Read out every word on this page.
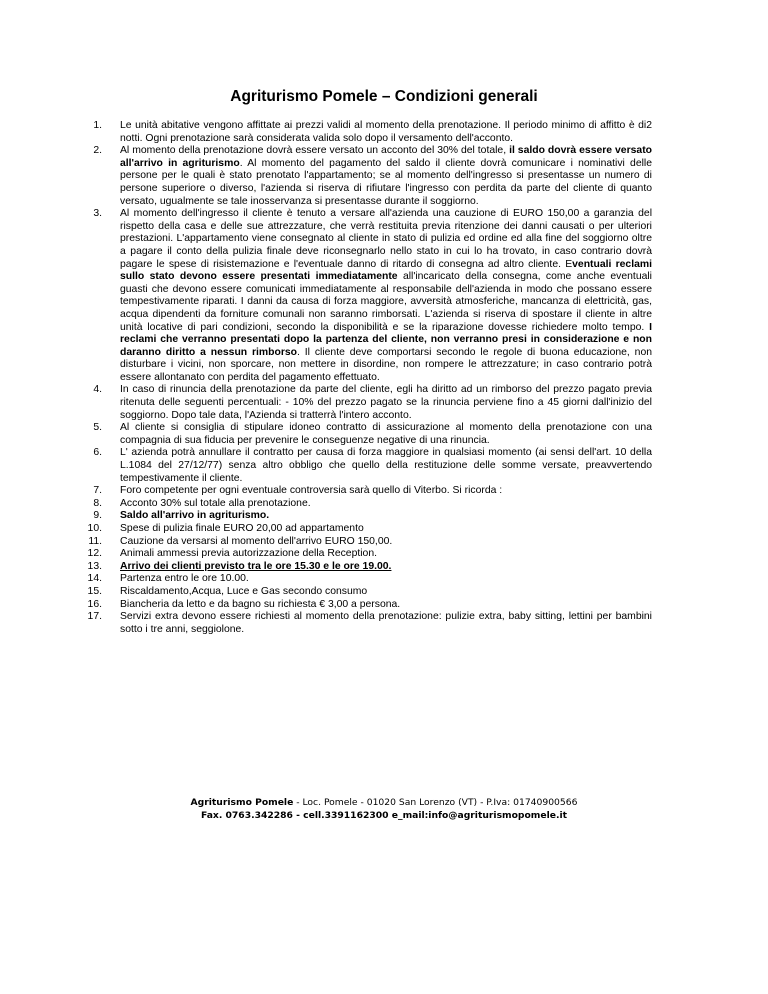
Agriturismo Pomele – Condizioni generali
1. Le unità abitative vengono affittate ai prezzi validi al momento della prenotazione. Il periodo minimo di affitto è di2 notti. Ogni prenotazione sarà considerata valida solo dopo il versamento dell'acconto.
2. Al momento della prenotazione dovrà essere versato un acconto del 30% del totale, il saldo dovrà essere versato all'arrivo in agriturismo. Al momento del pagamento del saldo il cliente dovrà comunicare i nominativi delle persone per le quali è stato prenotato l'appartamento; se al momento dell'ingresso si presentasse un numero di persone superiore o diverso, l'azienda si riserva di rifiutare l'ingresso con perdita da parte del cliente di quanto versato, ugualmente se tale inosservanza si presentasse durante il soggiorno.
3. Al momento dell'ingresso il cliente è tenuto a versare all'azienda una cauzione di EURO 150,00 a garanzia del rispetto della casa e delle sue attrezzature, che verrà restituita previa ritenzione dei danni causati o per ulteriori prestazioni. L'appartamento viene consegnato al cliente in stato di pulizia ed ordine ed alla fine del soggiorno oltre a pagare il conto della pulizia finale deve riconsegnarlo nello stato in cui lo ha trovato, in caso contrario dovrà pagare le spese di risistemazione e l'eventuale danno di ritardo di consegna ad altro cliente. Eventuali reclami sullo stato devono essere presentati immediatamente all'incaricato della consegna, come anche eventuali guasti che devono essere comunicati immediatamente al responsabile dell'azienda in modo che possano essere tempestivamente riparati. I danni da causa di forza maggiore, avversità atmosferiche, mancanza di elettricità, gas, acqua dipendenti da forniture comunali non saranno rimborsati. L'azienda si riserva di spostare il cliente in altre unità locative di pari condizioni, secondo la disponibilità e se la riparazione dovesse richiedere molto tempo. I reclami che verranno presentati dopo la partenza del cliente, non verranno presi in considerazione e non daranno diritto a nessun rimborso. Il cliente deve comportarsi secondo le regole di buona educazione, non disturbare i vicini, non sporcare, non mettere in disordine, non rompere le attrezzature; in caso contrario potrà essere allontanato con perdita del pagamento effettuato.
4. In caso di rinuncia della prenotazione da parte del cliente, egli ha diritto ad un rimborso del prezzo pagato previa ritenuta delle seguenti percentuali: - 10% del prezzo pagato se la rinuncia perviene fino a 45 giorni dall'inizio del soggiorno. Dopo tale data, l'Azienda si tratterrà l'intero acconto.
5. Al cliente si consiglia di stipulare idoneo contratto di assicurazione al momento della prenotazione con una compagnia di sua fiducia per prevenire le conseguenze negative di una rinuncia.
6. L' azienda potrà annullare il contratto per causa di forza maggiore in qualsiasi momento (ai sensi dell'art. 10 della L.1084 del 27/12/77) senza altro obbligo che quello della restituzione delle somme versate, preavvertendo tempestivamente il cliente.
7. Foro competente per ogni eventuale controversia sarà quello di Viterbo. Si ricorda :
8. Acconto 30% sul totale alla prenotazione.
9. Saldo all'arrivo in agriturismo.
10. Spese di pulizia finale EURO 20,00 ad appartamento
11. Cauzione da versarsi al momento dell'arrivo EURO 150,00.
12. Animali ammessi previa autorizzazione della Reception.
13. Arrivo dei clienti previsto tra le ore 15.30 e le ore 19.00.
14. Partenza entro le ore 10.00.
15. Riscaldamento,Acqua, Luce e Gas secondo consumo
16. Biancheria da letto e da bagno su richiesta € 3,00 a persona.
17. Servizi extra devono essere richiesti al momento della prenotazione: pulizie extra, baby sitting, lettini per bambini sotto i tre anni, seggiolone.
Agriturismo Pomele - Loc. Pomele - 01020 San Lorenzo (VT) - P.Iva: 01740900566
Fax. 0763.342286 - cell.3391162300 e_mail:info@agriturismopomele.it
